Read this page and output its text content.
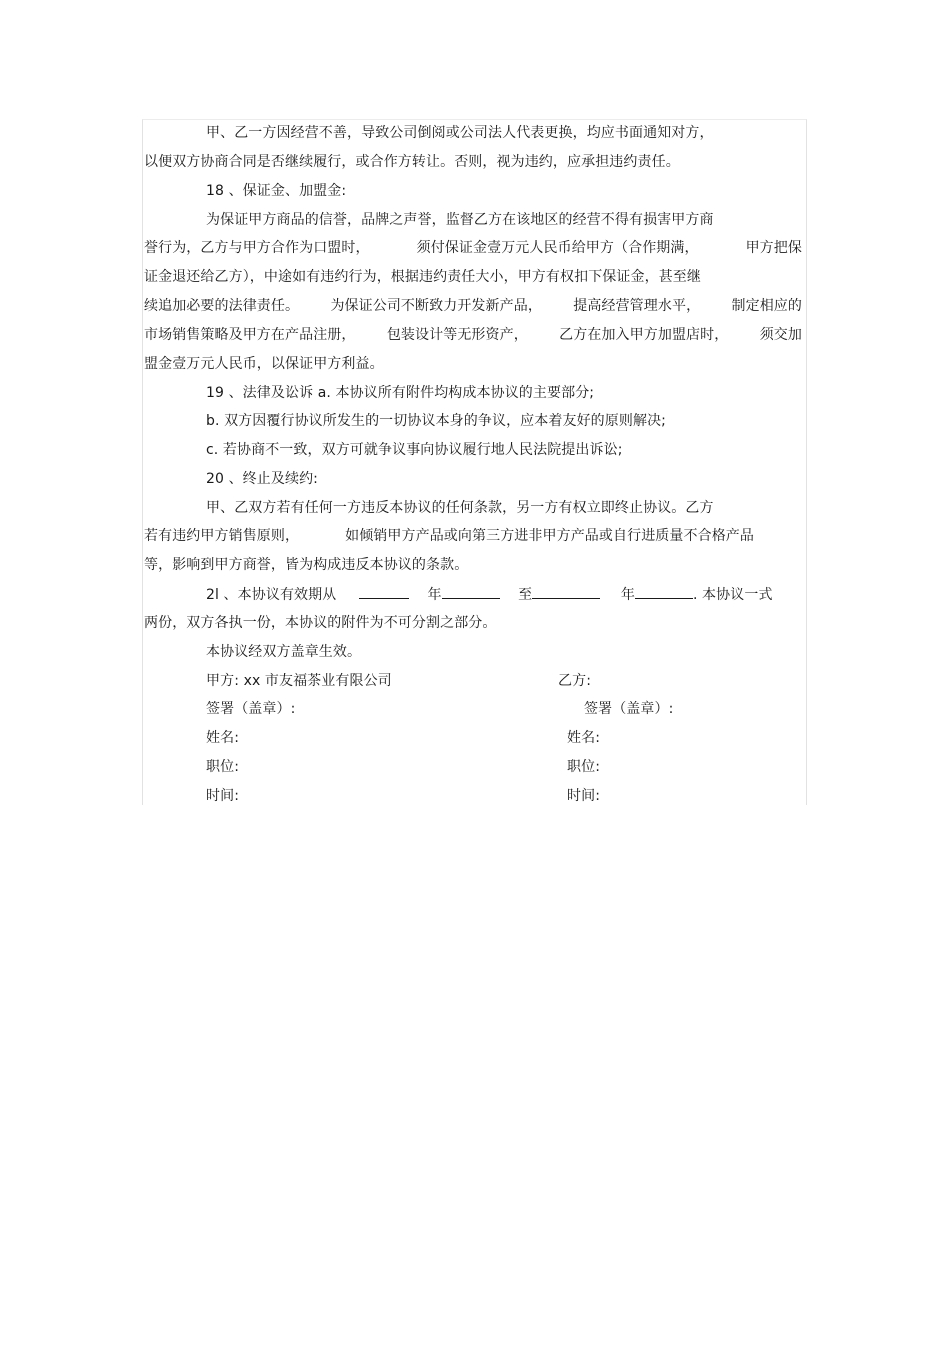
甲、乙一方因经营不善，导致公司倒阅或公司法人代表更换，均应书面通知对方，
以便双方协商合同是否继续履行，或合作方转让。否则，视为违约，应承担违约责任。
18 、保证金、加盟金:
为保证甲方商品的信誉，品牌之声誉，监督乙方在该地区的经营不得有损害甲方商
誉行为，乙方与甲方合作为口盟时，	须付保证金壹万元人民币给甲方（合作期满，	甲方把保
证金退还给乙方），中途如有违约行为，根据违约责任大小，甲方有权扣下保证金，甚至继
续追加必要的法律责任。 为保证公司不断致力开发新产品， 提高经营管理水平， 制定相应的
市场销售策略及甲方在产品注册， 包装设计等无形资产， 乙方在加入甲方加盟店时， 须交加
盟金壹万元人民币，以保证甲方利益。
19 、法律及讼诉 a. 本协议所有附件均构成本协议的主要部分;
b. 双方因覆行协议所发生的一切协议本身的争议，应本着友好的原则解决;
c. 若协商不一致，双方可就争议事向协议履行地人民法院提出诉讼;
20 、终止及续约:
甲、乙双方若有任何一方违反本协议的任何条款，另一方有权立即终止协议。乙方
若有违约甲方销售原则，	如倾销甲方产品或向第三方进非甲方产品或自行进质量不合格产品
等，影响到甲方商誉，皆为构成违反本协议的条款。
2l 、本协议有效期从	年	至	年	. 本协议一式
两份，双方各执一份，本协议的附件为不可分割之部分。
本协议经双方盖章生效。
甲方: xx 市友福茶业有限公司	乙方:
签署（盖章）:	签署（盖章）:
姓名:	姓名:
职位:	职位:
时间:	时间:
